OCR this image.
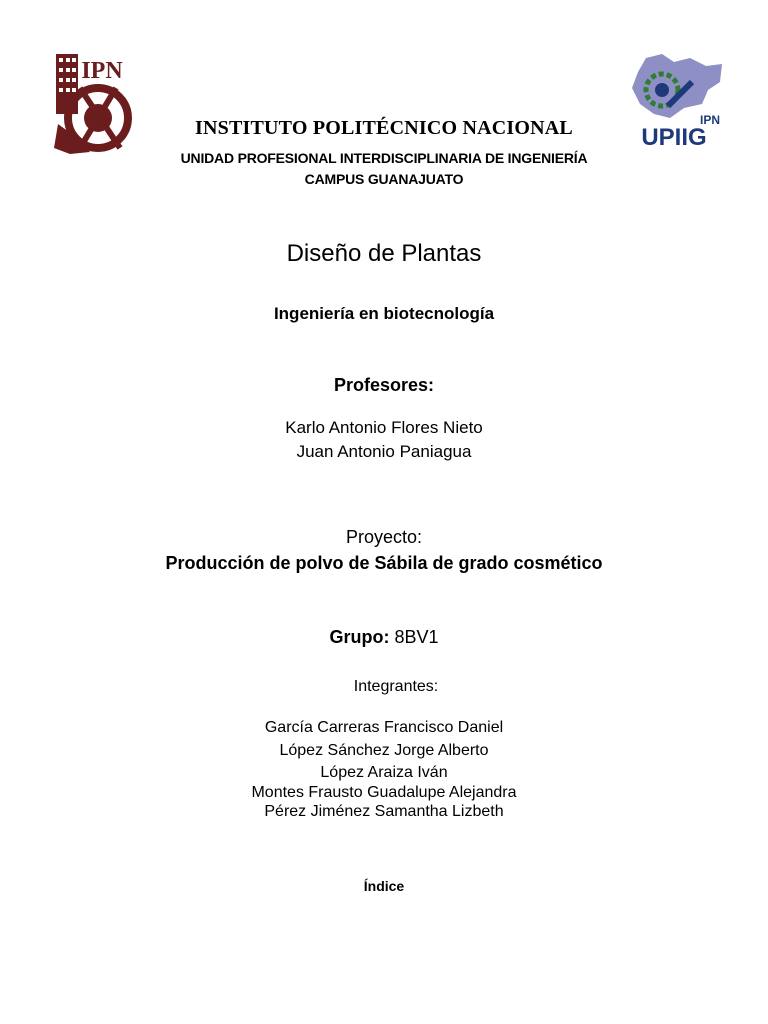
IPN
IPN
UPIIG
INSTITUTO POLITÉCNICO NACIONAL
UNIDAD PROFESIONAL INTERDISCIPLINARIA DE INGENIERÍA
CAMPUS GUANAJUATO
Diseño de Plantas
Ingeniería en biotecnología
Profesores:
Karlo Antonio Flores Nieto
Juan Antonio Paniagua
Proyecto:
Producción de polvo de Sábila de grado cosmético
Grupo: 8BV1
Integrantes:
García Carreras Francisco Daniel
López Sánchez Jorge Alberto
López Araiza Iván
Montes Frausto Guadalupe Alejandra
Pérez Jiménez Samantha Lizbeth
Índice
